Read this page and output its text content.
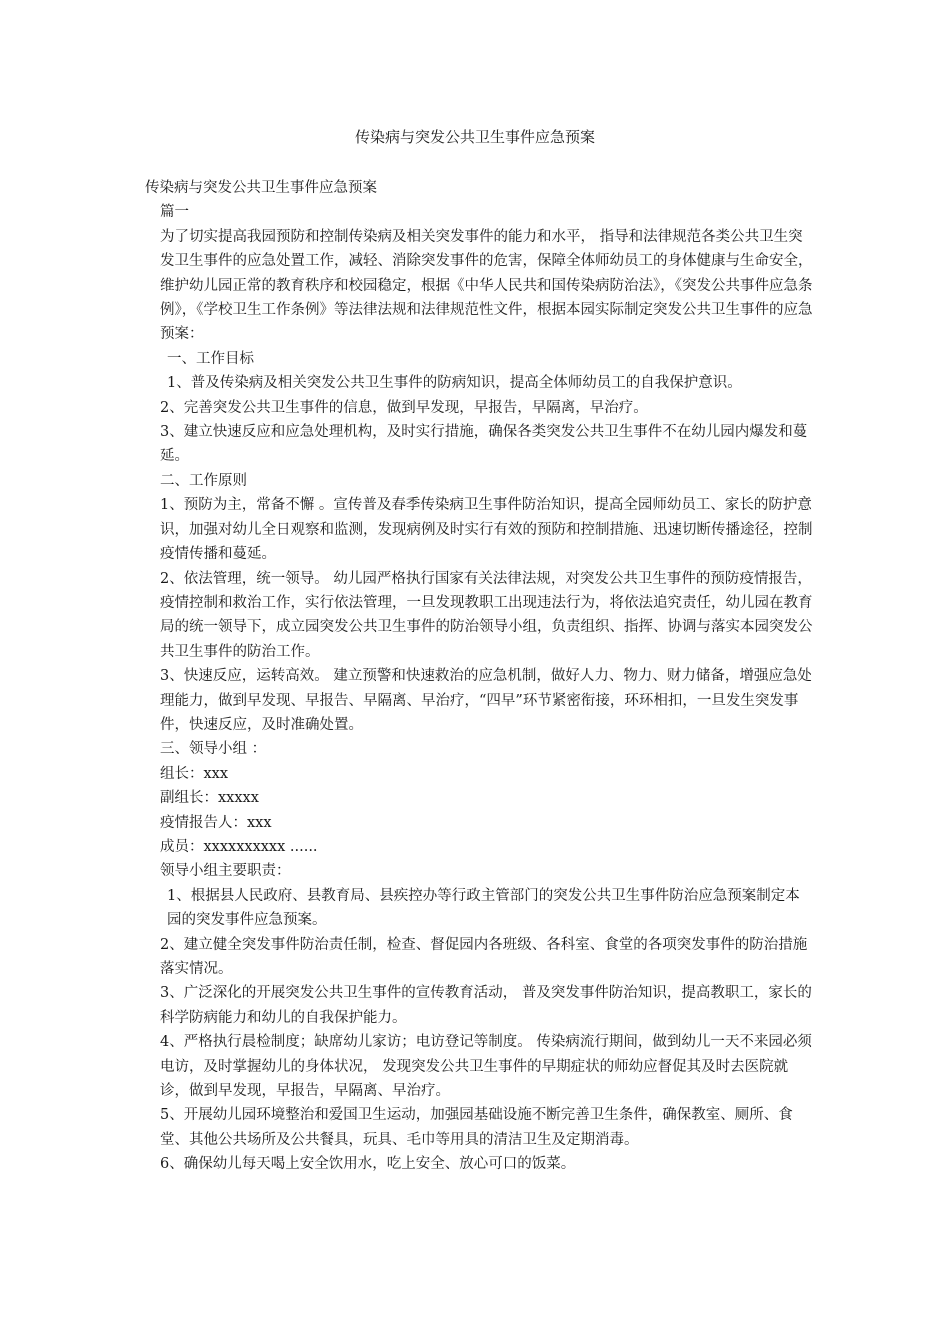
传染病与突发公共卫生事件应急预案

传染病与突发公共卫生事件应急预案

篇一

为了切实提高我园预防和控制传染病及相关突发事件的能力和水平， 指导和法律规范各类公共卫生突发卫生事件的应急处置工作，减轻、消除突发事件的危害，保障全体师幼员工的身体健康与生命安全，维护幼儿园正常的教育秩序和校园稳定，根据《中华人民共和国传染病防治法》，《突发公共事件应急条例》，《学校卫生工作条例》等法律法规和法律规范性文件，根据本园实际制定突发公共卫生事件的应急预案：

一、工作目标

1、普及传染病及相关突发公共卫生事件的防病知识，提高全体师幼员工的自我保护意识。

2、完善突发公共卫生事件的信息，做到早发现，早报告，早隔离，早治疗。

3、建立快速反应和应急处理机构，及时实行措施，确保各类突发公共卫生事件不在幼儿园内爆发和蔓延。

二、工作原则

1、预防为主，常备不懈 。宣传普及春季传染病卫生事件防治知识，提高全园师幼员工、家长的防护意识，加强对幼儿全日观察和监测，发现病例及时实行有效的预防和控制措施、迅速切断传播途径，控制疫情传播和蔓延。

2、依法管理，统一领导。 幼儿园严格执行国家有关法律法规，对突发公共卫生事件的预防疫情报告，疫情控制和救治工作，实行依法管理，一旦发现教职工出现违法行为，将依法追究责任，幼儿园在教育局的统一领导下，成立园突发公共卫生事件的防治领导小组，负责组织、指挥、协调与落实本园突发公共卫生事件的防治工作。

3、快速反应，运转高效。 建立预警和快速救治的应急机制，做好人力、物力、财力储备，增强应急处理能力，做到早发现、早报告、早隔离、早治疗，“四早”环节紧密衔接，环环相扣，一旦发生突发事件，快速反应，及时准确处置。

三、领导小组 ：

组长：xxx

副组长：xxxxx

疫情报告人：xxx

成员：xxxxxxxxxx ......

领导小组主要职责：

1、根据县人民政府、县教育局、县疾控办等行政主管部门的突发公共卫生事件防治应急预案制定本园的突发事件应急预案。

2、建立健全突发事件防治责任制，检查、督促园内各班级、各科室、食堂的各项突发事件的防治措施落实情况。

3、广泛深化的开展突发公共卫生事件的宣传教育活动， 普及突发事件防治知识，提高教职工，家长的科学防病能力和幼儿的自我保护能力。

4、严格执行晨检制度；缺席幼儿家访；电访登记等制度。 传染病流行期间，做到幼儿一天不来园必须电访，及时掌握幼儿的身体状况， 发现突发公共卫生事件的早期症状的师幼应督促其及时去医院就诊，做到早发现，早报告，早隔离、早治疗。

5、开展幼儿园环境整治和爱国卫生运动，加强园基础设施不断完善卫生条件，确保教室、厕所、食堂、其他公共场所及公共餐具，玩具、毛巾等用具的清洁卫生及定期消毒。

6、确保幼儿每天喝上安全饮用水，吃上安全、放心可口的饭菜。
